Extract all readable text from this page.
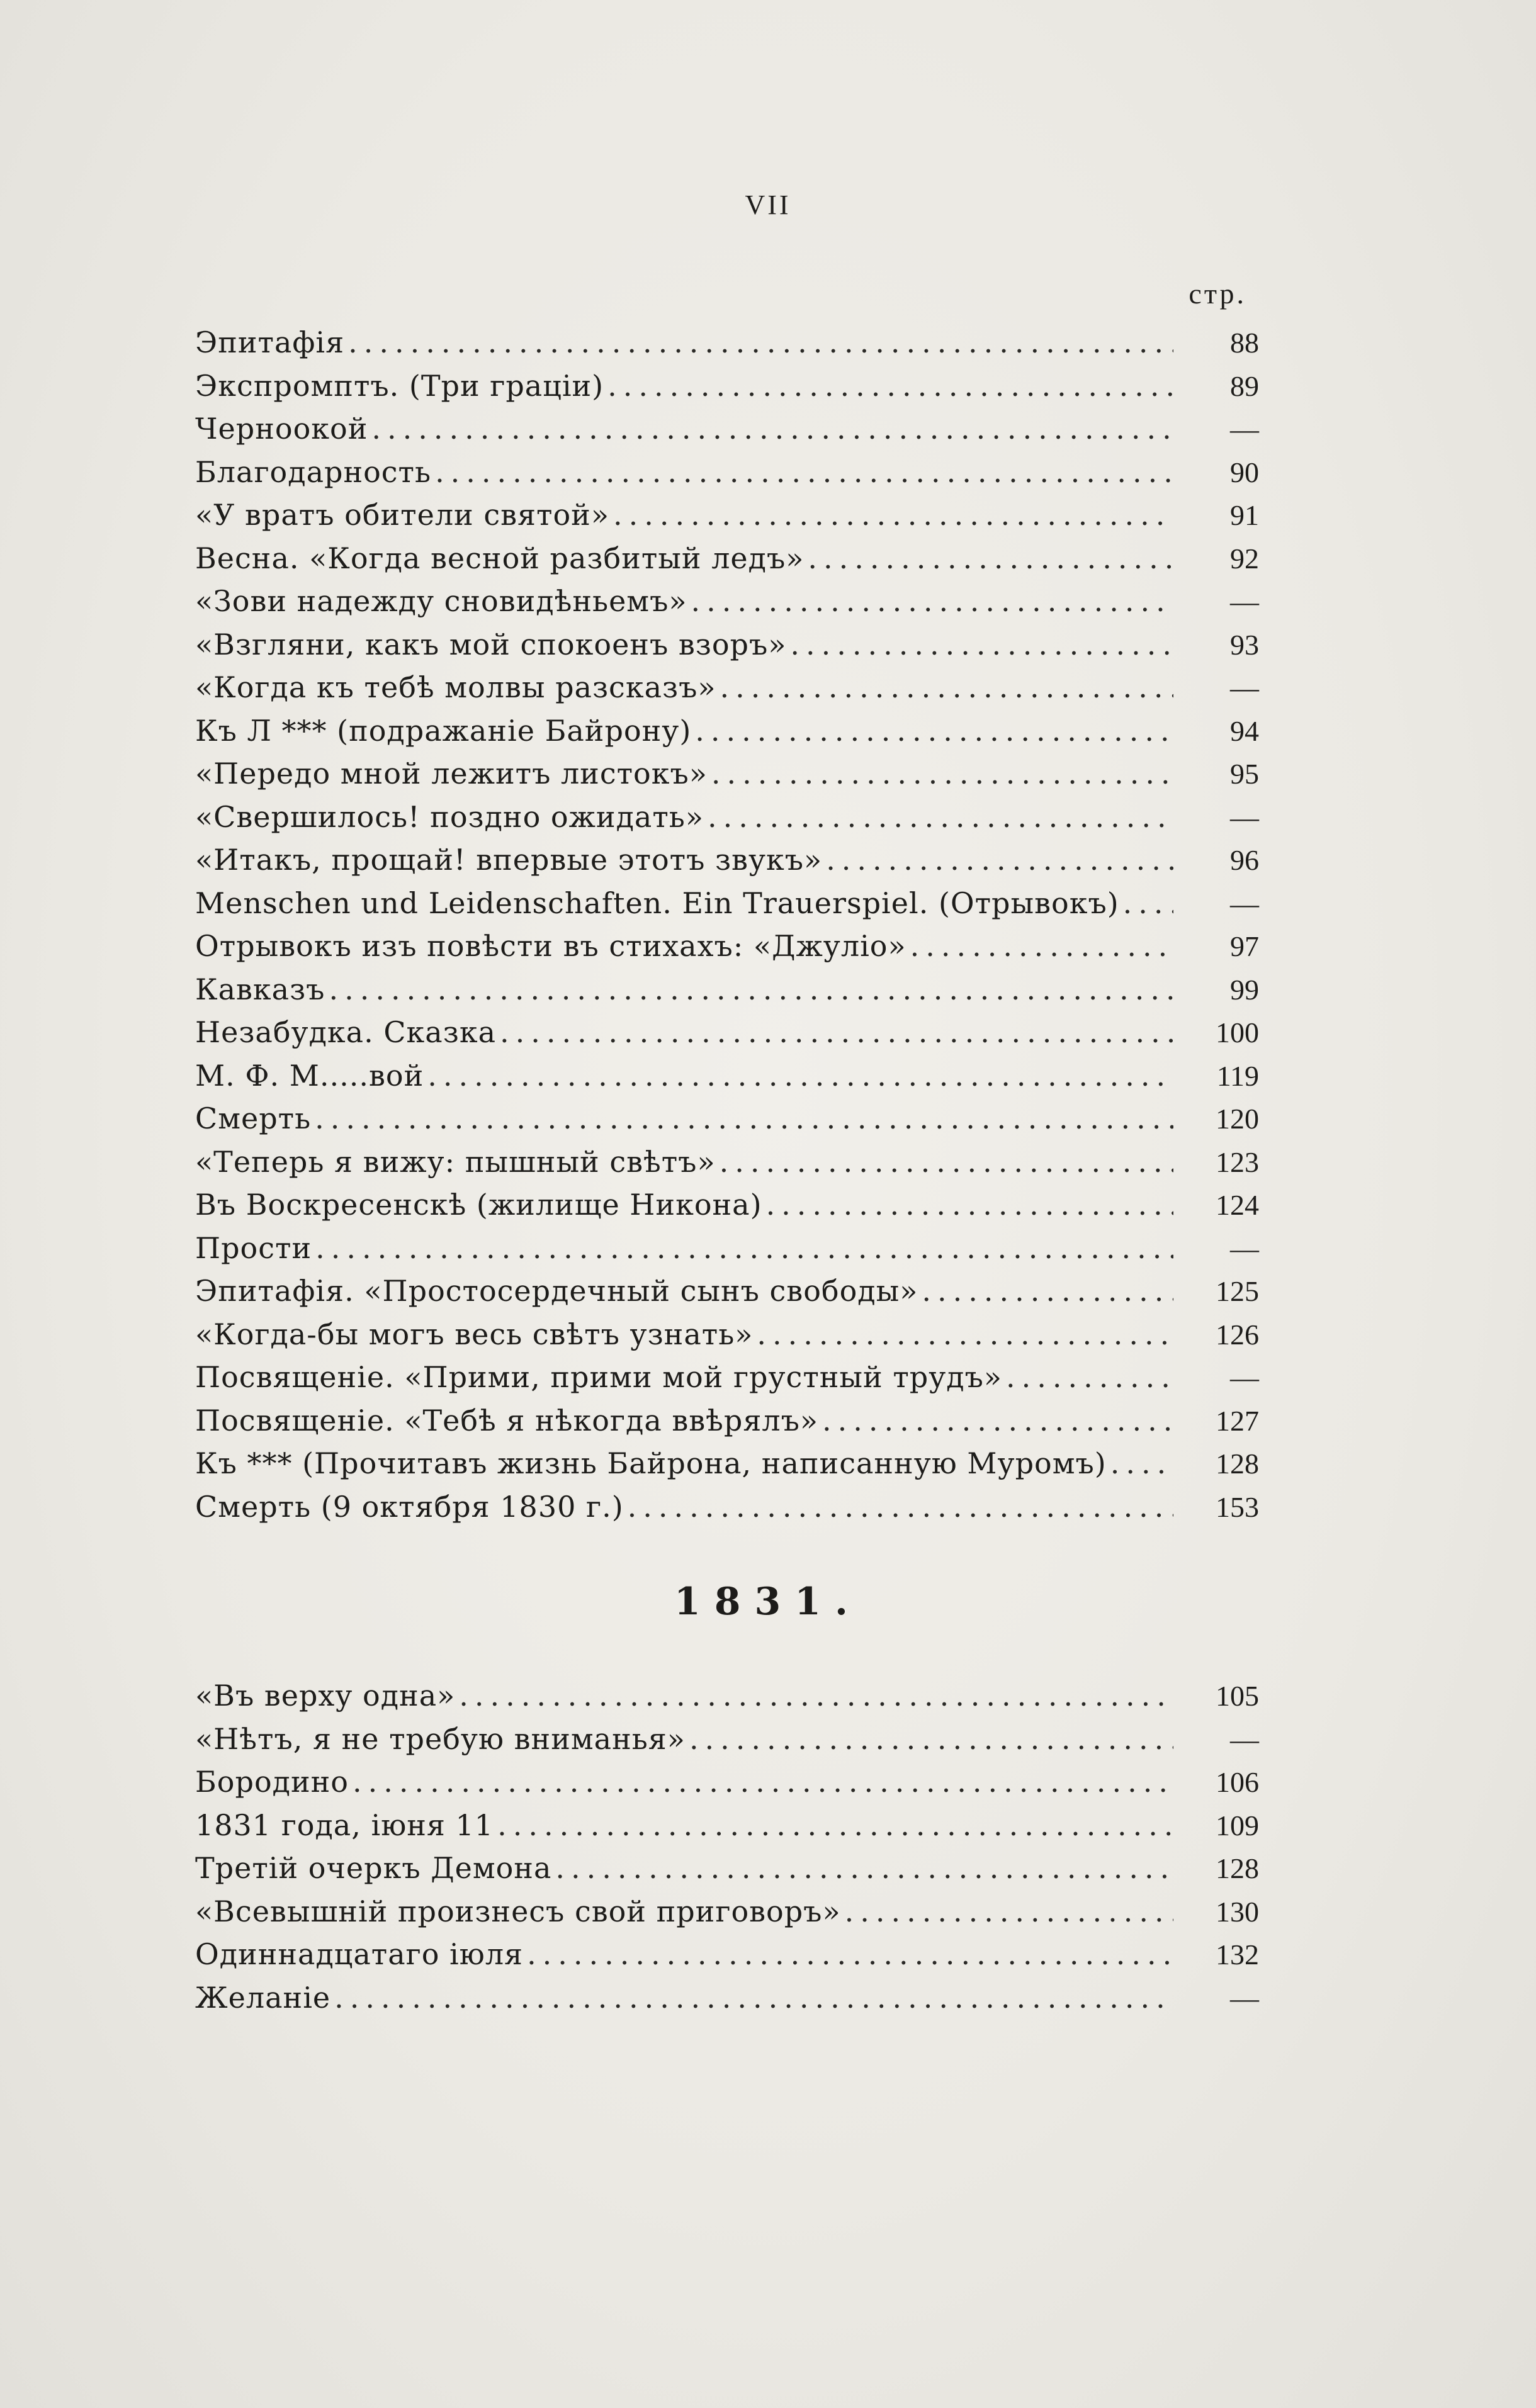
VII
стр.
Эпитафія .....	88
Экспромптъ. (Три граціи) .....	89
Черноокой .....	—
Благодарность .....	90
«У вратъ обители святой» .....	91
Весна. «Когда весной разбитый ледъ» .....	92
«Зови надежду сновидѣньемъ» .....	—
«Взгляни, какъ мой спокоенъ взоръ» .....	93
«Когда къ тебѣ молвы разсказъ» .....	—
Къ Л *** (подражаніе Байрону) .....	94
«Передо мной лежитъ листокъ» .....	95
«Свершилось! поздно ожидать» .....	—
«Итакъ, прощай! впервые этотъ звукъ» .....	96
Menschen und Leidenschaften. Ein Trauerspiel. (Отрывокъ) .....	—
Отрывокъ изъ повѣсти въ стихахъ: «Джуліо» .....	97
Кавказъ .....	99
Незабудка. Сказка .....	100
М. Ф. М.....вой .....	119
Смерть .....	120
«Теперь я вижу: пышный свѣтъ» .....	123
Въ Воскресенскѣ (жилище Никона) .....	124
Прости .....	—
Эпитафія. «Простосердечный сынъ свободы» .....	125
«Когда-бы могъ весь свѣтъ узнать» .....	126
Посвященіе. «Прими, прими мой грустный трудъ» .....	—
Посвященіе. «Тебѣ я нѣкогда ввѣрялъ» .....	127
Къ *** (Прочитавъ жизнь Байрона, написанную Муромъ) .....	128
Смерть (9 октября 1830 г.) .....	153
1831.
«Въ верху одна» .....	105
«Нѣтъ, я не требую вниманья» .....	—
Бородино .....	106
1831 года, іюня 11 .....	109
Третій очеркъ Демона .....	128
«Всевышній произнесъ свой приговоръ» .....	130
Одиннадцатаго іюля .....	132
Желаніе .....	—
